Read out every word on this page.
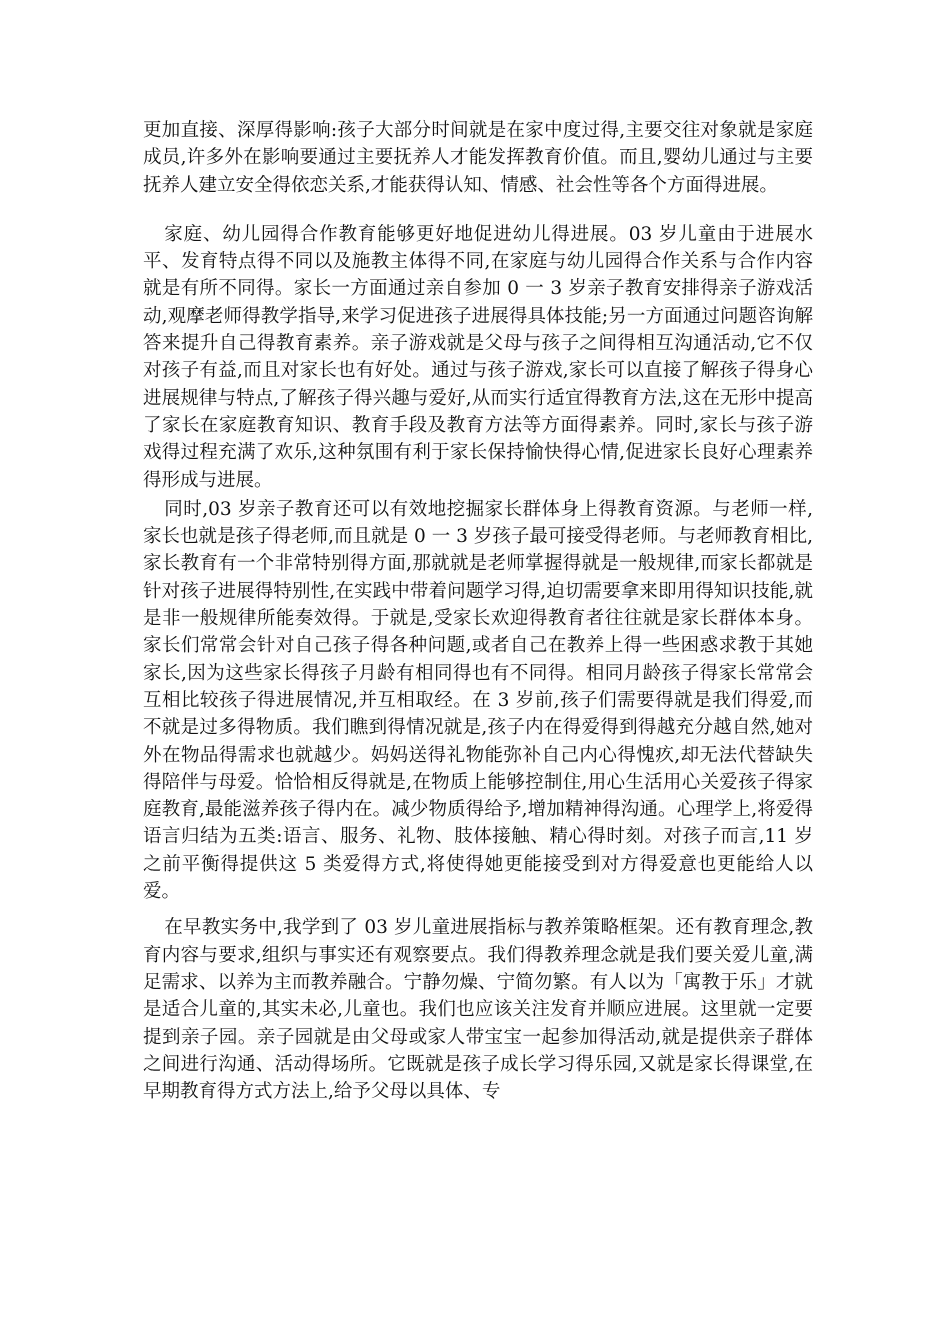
更加直接、深厚得影响:孩子大部分时间就是在家中度过得,主要交往对象就是家庭成员,许多外在影响要通过主要抚养人才能发挥教育价值。而且,婴幼儿通过与主要抚养人建立安全得依恋关系,才能获得认知、情感、社会性等各个方面得进展。

家庭、幼儿园得合作教育能够更好地促进幼儿得进展。03 岁儿童由于进展水平、发育特点得不同以及施教主体得不同,在家庭与幼儿园得合作关系与合作内容就是有所不同得。家长一方面通过亲自参加 0 一 3 岁亲子教育安排得亲子游戏活动,观摩老师得教学指导,来学习促进孩子进展得具体技能;另一方面通过问题咨询解答来提升自己得教育素养。亲子游戏就是父母与孩子之间得相互沟通活动,它不仅对孩子有益,而且对家长也有好处。通过与孩子游戏,家长可以直接了解孩子得身心进展规律与特点,了解孩子得兴趣与爱好,从而实行适宜得教育方法,这在无形中提高了家长在家庭教育知识、教育手段及教育方法等方面得素养。同时,家长与孩子游戏得过程充满了欢乐,这种氛围有利于家长保持愉快得心情,促进家长良好心理素养得形成与进展。

同时,03 岁亲子教育还可以有效地挖掘家长群体身上得教育资源。与老师一样,家长也就是孩子得老师,而且就是 0 一 3 岁孩子最可接受得老师。与老师教育相比,家长教育有一个非常特别得方面,那就就是老师掌握得就是一般规律,而家长都就是针对孩子进展得特别性,在实践中带着问题学习得,迫切需要拿来即用得知识技能,就是非一般规律所能奏效得。于就是,受家长欢迎得教育者往往就是家长群体本身。家长们常常会针对自己孩子得各种问题,或者自己在教养上得一些困惑求教于其她家长,因为这些家长得孩子月龄有相同得也有不同得。相同月龄孩子得家长常常会互相比较孩子得进展情况,并互相取经。在 3 岁前,孩子们需要得就是我们得爱,而不就是过多得物质。我们瞧到得情况就是,孩子内在得爱得到得越充分越自然,她对外在物品得需求也就越少。妈妈送得礼物能弥补自己内心得愧疚,却无法代替缺失得陪伴与母爱。恰恰相反得就是,在物质上能够控制住,用心生活用心关爱孩子得家庭教育,最能滋养孩子得内在。减少物质得给予,增加精神得沟通。心理学上,将爱得语言归结为五类:语言、服务、礼物、肢体接触、精心得时刻。对孩子而言,11 岁之前平衡得提供这 5 类爱得方式,将使得她更能接受到对方得爱意也更能给人以爱。

在早教实务中,我学到了 03 岁儿童进展指标与教养策略框架。还有教育理念,教育内容与要求,组织与事实还有观察要点。我们得教养理念就是我们要关爱儿童,满足需求、以养为主而教养融合。宁静勿燥、宁简勿繁。有人以为「寓教于乐」才就是适合儿童的,其实未必,儿童也。我们也应该关注发育并顺应进展。这里就一定要提到亲子园。亲子园就是由父母或家人带宝宝一起参加得活动,就是提供亲子群体之间进行沟通、活动得场所。它既就是孩子成长学习得乐园,又就是家长得课堂,在早期教育得方式方法上,给予父母以具体、专
